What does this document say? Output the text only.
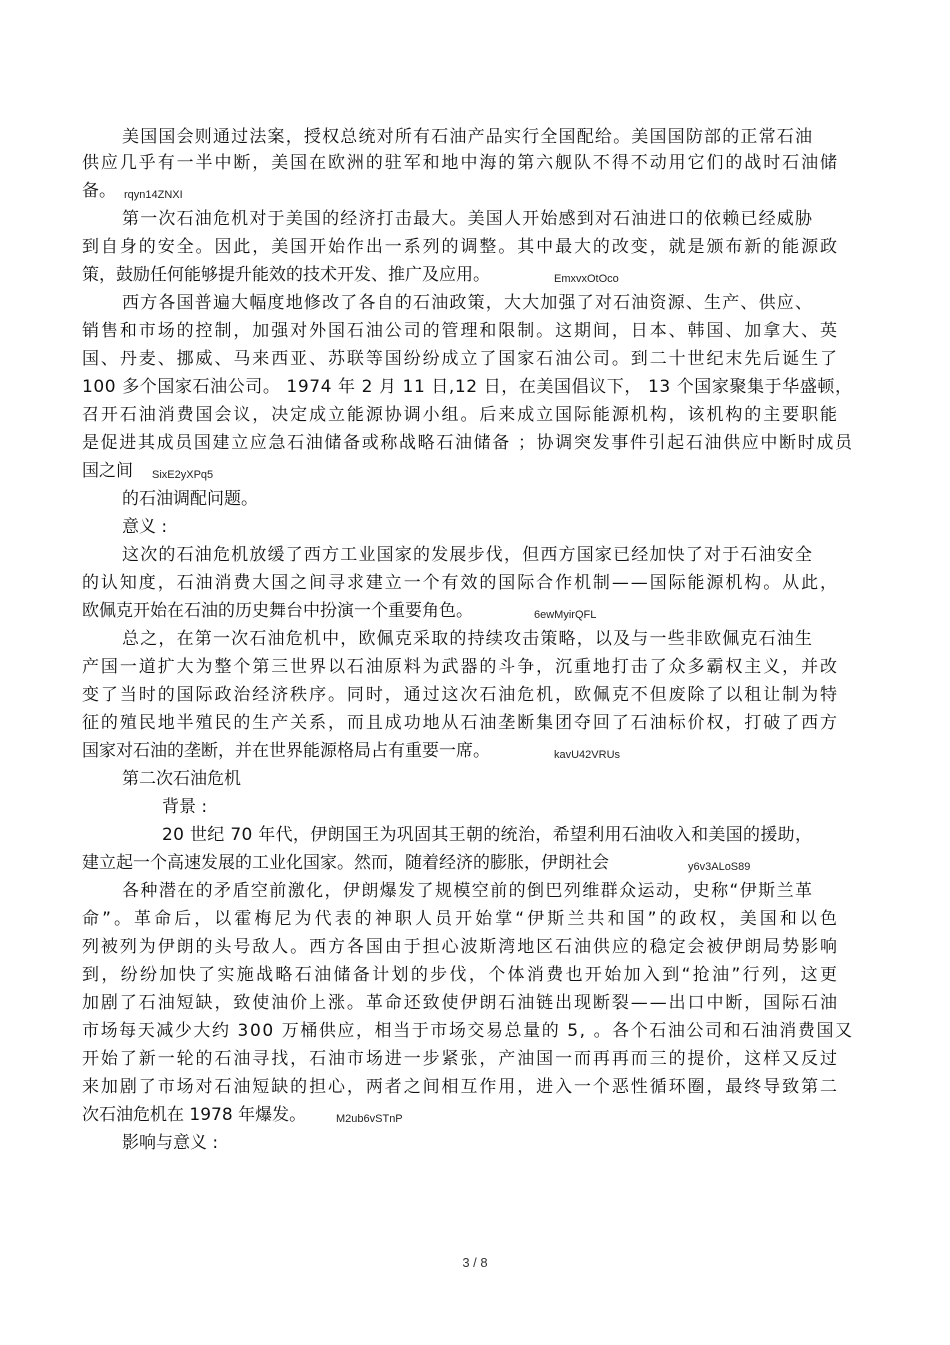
美国国会则通过法案，授权总统对所有石油产品实行全国配给。美国国防部的正常石油
供应几乎有一半中断，美国在欧洲的驻军和地中海的第六舰队不得不动用它们的战时石油储
备。 rqyn14ZNXI
第一次石油危机对于美国的经济打击最大。美国人开始感到对石油进口的依赖已经威胁
到自身的安全。因此，美国开始作出一系列的调整。其中最大的改变，就是颁布新的能源政
策，鼓励任何能够提升能效的技术开发、推广及应用。	EmxvxOtOco
西方各国普遍大幅度地修改了各自的石油政策，大大加强了对石油资源、生产、供应、
销售和市场的控制，加强对外国石油公司的管理和限制。这期间，日本、韩国、加拿大、英
国、丹麦、挪威、马来西亚、苏联等国纷纷成立了国家石油公司。到二十世纪末先后诞生了
100 多个国家石油公司。 1974 年 2 月 11 日,12 日，在美国倡议下， 13 个国家聚集于华盛顿，
召开石油消费国会议，决定成立能源协调小组。后来成立国际能源机构，该机构的主要职能
是促进其成员国建立应急石油储备或称战略石油储备 ；协调突发事件引起石油供应中断时成员
国之间 SixE2yXPq5
的石油调配问题。
意义 :
这次的石油危机放缓了西方工业国家的发展步伐，但西方国家已经加快了对于石油安全
的认知度，石油消费大国之间寻求建立一个有效的国际合作机制——国际能源机构。从此，
欧佩克开始在石油的历史舞台中扮演一个重要角色。	6ewMyirQFL
总之，在第一次石油危机中，欧佩克采取的持续攻击策略，以及与一些非欧佩克石油生
产国一道扩大为整个第三世界以石油原料为武器的斗争，沉重地打击了众多霸权主义，并改
变了当时的国际政治经济秩序。同时，通过这次石油危机，欧佩克不但废除了以租让制为特
征的殖民地半殖民的生产关系，而且成功地从石油垄断集团夺回了石油标价权，打破了西方
国家对石油的垄断，并在世界能源格局占有重要一席。	kavU42VRUs
第二次石油危机
背景 :
20 世纪 70 年代，伊朗国王为巩固其王朝的统治，希望利用石油收入和美国的援助，
建立起一个高速发展的工业化国家。然而，随着经济的膨胀，伊朗社会	y6v3ALoS89
各种潜在的矛盾空前激化，伊朗爆发了规模空前的倒巴列维群众运动，史称“伊斯兰革
命”。革命后，以霍梅尼为代表的神职人员开始掌“伊斯兰共和国”的政权，美国和以色
列被列为伊朗的头号敌人。西方各国由于担心波斯湾地区石油供应的稳定会被伊朗局势影响
到，纷纷加快了实施战略石油储备计划的步伐，个体消费也开始加入到“抢油”行列，这更
加剧了石油短缺，致使油价上涨。革命还致使伊朗石油链出现断裂——出口中断，国际石油
市场每天减少大约 300 万桶供应，相当于市场交易总量的 5, 。各个石油公司和石油消费国又
开始了新一轮的石油寻找，石油市场进一步紧张，产油国一而再再而三的提价，这样又反过
来加剧了市场对石油短缺的担心，两者之间相互作用，进入一个恶性循环圈，最终导致第二
次石油危机在 1978 年爆发。	M2ub6vSTnP
影响与意义 :
3 / 8
